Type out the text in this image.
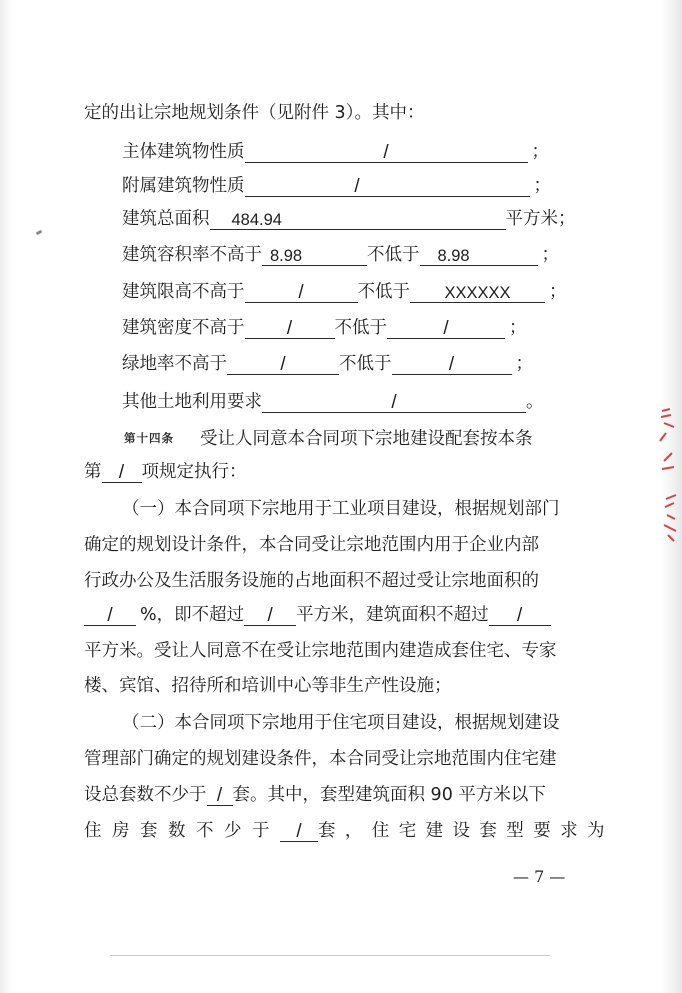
定的出让宗地规划条件（见附件 3）。其中：
主体建筑物性质	/	；
附属建筑物性质	/	；
建筑总面积 484.94	平方米；
建筑容积率不高于 8.98	不低于 8.98	；
建筑限高不高于	/	不低于 XXXXXX ；
建筑密度不高于 / 不低于	/	；
绿地率不高于	/	不低于	/	；
其他土地利用要求	/	。
第十四条 受让人同意本合同项下宗地建设配套按本条
第 / 项规定执行：
（一）本合同项下宗地用于工业项目建设，根据规划部门
确定的规划设计条件，本合同受让宗地范围内用于企业内部
行政办公及生活服务设施的占地面积不超过受让宗地面积的
/ %，即不超过 / 平方米，建筑面积不超过 /
平方米。受让人同意不在受让宗地范围内建造成套住宅、专家
楼、宾馆、招待所和培训中心等非生产性设施；
（二）本合同项下宗地用于住宅项目建设，根据规划建设
管理部门确定的规划建设条件，本合同受让宗地范围内住宅建
设总套数不少于 / 套。其中，套型建筑面积 90 平方米以下
住房套数不少于 / 套，住宅建设套型要求为
— 7 —
